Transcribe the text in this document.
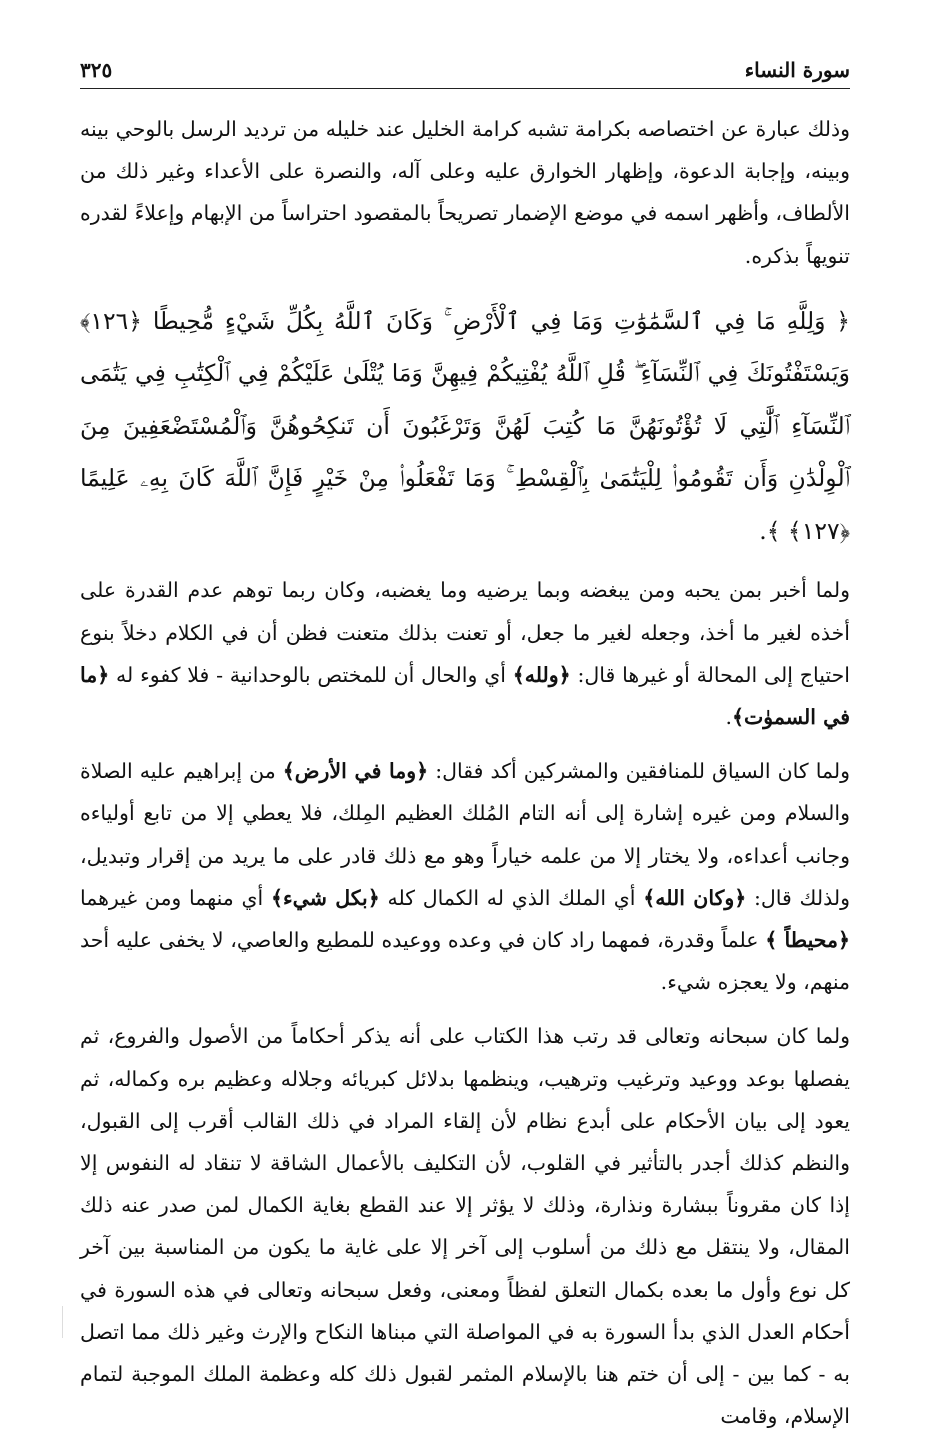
٣٢٥	سورة النساء

وذلك عبارة عن اختصاصه بكرامة تشبه كرامة الخليل عند خليله من ترديد الرسل بالوحي بينه وبينه، وإجابة الدعوة، وإظهار الخوارق عليه وعلى آله، والنصرة على الأعداء وغير ذلك من الألطاف، وأظهر اسمه في موضع الإضمار تصريحاً بالمقصود احتراساً من الإبهام وإعلاءً لقدره تنويهاً بذكره.

﴿ وَلِلَّهِ مَا فِي ٱلسَّمَٰوَٰتِ وَمَا فِي ٱلْأَرْضِ ۚ وَكَانَ ٱللَّهُ بِكُلِّ شَيْءٍ مُّحِيطًا ﴿١٢٦﴾ وَيَسْتَفْتُونَكَ فِي ٱلنِّسَآءِ ۖ قُلِ ٱللَّهُ يُفْتِيكُمْ فِيهِنَّ وَمَا يُتْلَىٰ عَلَيْكُمْ فِي ٱلْكِتَٰبِ فِي يَتَٰمَى ٱلنِّسَآءِ ٱلَّٰتِي لَا تُؤْتُونَهُنَّ مَا كُتِبَ لَهُنَّ وَتَرْغَبُونَ أَن تَنكِحُوهُنَّ وَٱلْمُسْتَضْعَفِينَ مِنَ ٱلْوِلْدَٰنِ وَأَن تَقُومُوا۟ لِلْيَتَٰمَىٰ بِٱلْقِسْطِ ۚ وَمَا تَفْعَلُوا۟ مِنْ خَيْرٍ فَإِنَّ ٱللَّهَ كَانَ بِهِۦ عَلِيمًا ﴿١٢٧﴾ ﴾.

ولما أخبر بمن يحبه ومن يبغضه وبما يرضيه وما يغضبه، وكان ربما توهم عدم القدرة على أخذه لغير ما أخذ، وجعله لغير ما جعل، أو تعنت بذلك متعنت فظن أن في الكلام دخلاً بنوع احتياج إلى المحالة أو غيرها قال: ﴿ولله﴾ أي والحال أن للمختص بالوحدانية - فلا كفوء له ﴿ما في السموٰت﴾.

ولما كان السياق للمنافقين والمشركين أكد فقال: ﴿وما في الأرض﴾ من إبراهيم عليه الصلاة والسلام ومن غيره إشارة إلى أنه التام المُلك العظيم المِلك، فلا يعطي إلا من تابع أولياءه وجانب أعداءه، ولا يختار إلا من علمه خياراً وهو مع ذلك قادر على ما يريد من إقرار وتبديل، ولذلك قال: ﴿وكان الله﴾ أي الملك الذي له الكمال كله ﴿بكل شيء﴾ أي منهما ومن غيرهما ﴿محيطاً ﴾ علماً وقدرة، فمهما راد كان في وعده ووعيده للمطيع والعاصي، لا يخفى عليه أحد منهم، ولا يعجزه شيء.

ولما كان سبحانه وتعالى قد رتب هذا الكتاب على أنه يذكر أحكاماً من الأصول والفروع، ثم يفصلها بوعد ووعيد وترغيب وترهيب، وينظمها بدلائل كبريائه وجلاله وعظيم بره وكماله، ثم يعود إلى بيان الأحكام على أبدع نظام لأن إلقاء المراد في ذلك القالب أقرب إلى القبول، والنظم كذلك أجدر بالتأثير في القلوب، لأن التكليف بالأعمال الشاقة لا تنقاد له النفوس إلا إذا كان مقروناً ببشارة ونذارة، وذلك لا يؤثر إلا عند القطع بغاية الكمال لمن صدر عنه ذلك المقال، ولا ينتقل مع ذلك من أسلوب إلى آخر إلا على غاية ما يكون من المناسبة بين آخر كل نوع وأول ما بعده بكمال التعلق لفظاً ومعنى، وفعل سبحانه وتعالى في هذه السورة في أحكام العدل الذي بدأ السورة به في المواصلة التي مبناها النكاح والإرث وغير ذلك مما اتصل به - كما بين - إلى أن ختم هنا بالإسلام المثمر لقبول ذلك كله وعظمة الملك الموجبة لتمام الإسلام، وقامت
